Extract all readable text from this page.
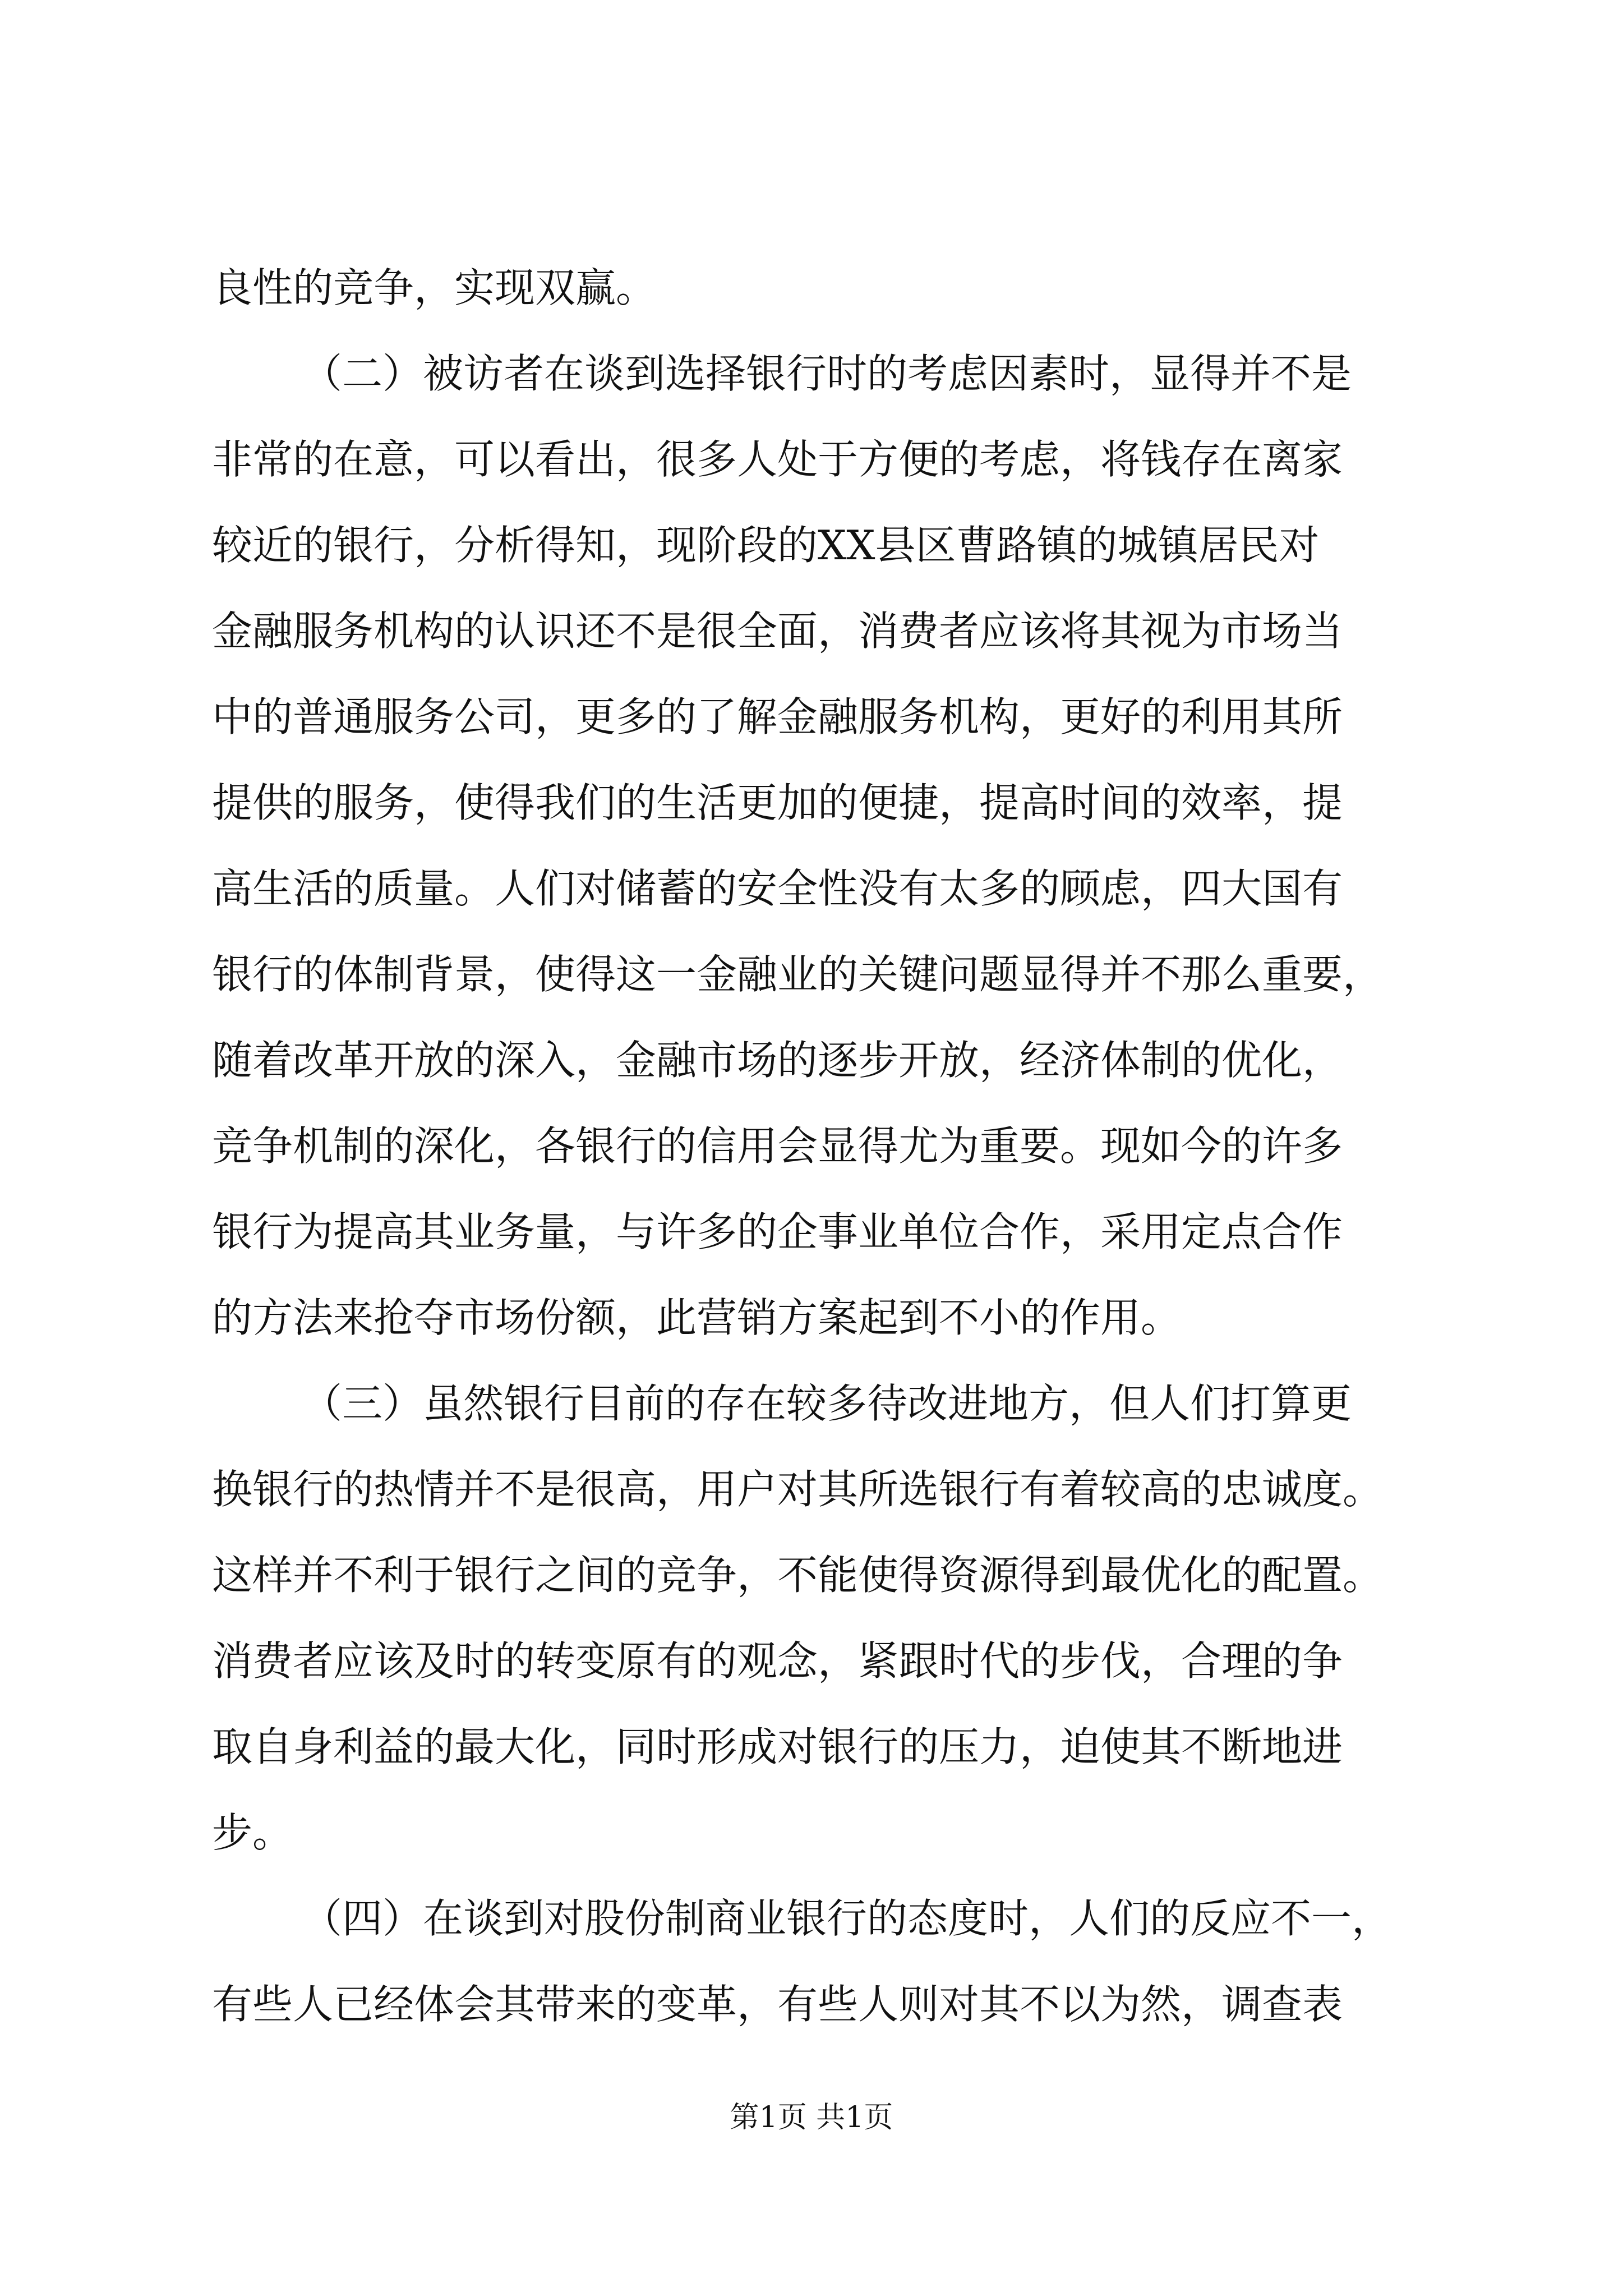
良性的竞争，实现双赢。
（二）被访者在谈到选择银行时的考虑因素时，显得并不是
非常的在意，可以看出，很多人处于方便的考虑，将钱存在离家
较近的银行，分析得知，现阶段的XX县区曹路镇的城镇居民对
金融服务机构的认识还不是很全面，消费者应该将其视为市场当
中的普通服务公司，更多的了解金融服务机构，更好的利用其所
提供的服务，使得我们的生活更加的便捷，提高时间的效率，提
高生活的质量。人们对储蓄的安全性没有太多的顾虑，四大国有
银行的体制背景，使得这一金融业的关键问题显得并不那么重要，
随着改革开放的深入，金融市场的逐步开放，经济体制的优化，
竞争机制的深化，各银行的信用会显得尤为重要。现如今的许多
银行为提高其业务量，与许多的企事业单位合作，采用定点合作
的方法来抢夺市场份额，此营销方案起到不小的作用。
（三）虽然银行目前的存在较多待改进地方，但人们打算更
换银行的热情并不是很高，用户对其所选银行有着较高的忠诚度。
这样并不利于银行之间的竞争，不能使得资源得到最优化的配置。
消费者应该及时的转变原有的观念，紧跟时代的步伐，合理的争
取自身利益的最大化，同时形成对银行的压力，迫使其不断地进
步。
（四）在谈到对股份制商业银行的态度时，人们的反应不一，
有些人已经体会其带来的变革，有些人则对其不以为然，调查表
第1页 共1页
